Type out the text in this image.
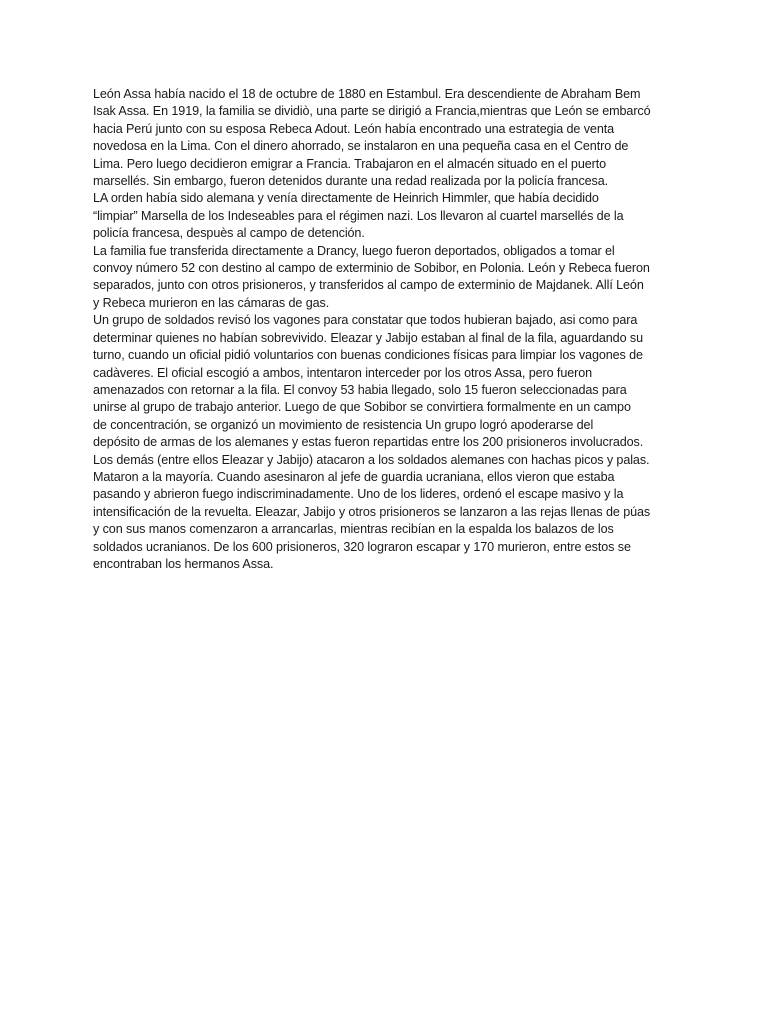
León Assa había nacido el 18 de octubre de 1880 en Estambul. Era descendiente de Abraham Bem
Isak Assa. En 1919, la familia se dividiò, una parte se dirigió a Francia,mientras que León se embarcó
hacia Perú junto con su esposa Rebeca Adout. León había encontrado una estrategia de venta
novedosa en la Lima. Con el dinero ahorrado, se instalaron en una pequeña casa en el Centro de
Lima. Pero luego decidieron emigrar a Francia. Trabajaron en el almacén situado en el puerto
marsellés. Sin embargo, fueron detenidos durante una redad realizada por la policía francesa.
LA orden había sido alemana y venía directamente de Heinrich Himmler, que había decidido
“limpiar” Marsella de los Indeseables para el régimen nazi. Los llevaron al cuartel marsellés de la
policía francesa, despuès al campo de detención.
La familia fue transferida directamente a Drancy, luego fueron deportados, obligados a tomar el
convoy número 52 con destino al campo de exterminio de Sobibor, en Polonia. León y Rebeca fueron
separados, junto con otros prisioneros, y transferidos al campo de exterminio de Majdanek. Allí León
y Rebeca murieron en las cámaras de gas.
Un grupo de soldados revisó los vagones para constatar que todos hubieran bajado, asi como para
determinar quienes no habían sobrevivido. Eleazar y Jabijo estaban al final de la fila, aguardando su
turno, cuando un oficial pidió voluntarios con buenas condiciones físicas para limpiar los vagones de
cadàveres. El oficial escogió a ambos, intentaron interceder por los otros Assa, pero fueron
amenazados con retornar a la fila. El convoy 53 habia llegado, solo 15 fueron seleccionadas para
unirse al grupo de trabajo anterior. Luego de que Sobibor se convirtiera formalmente en un campo
de concentración, se organizó un movimiento de resistencia Un grupo logró apoderarse del
depósito de armas de los alemanes y estas fueron repartidas entre los 200 prisioneros involucrados.
Los demás (entre ellos Eleazar y Jabijo) atacaron a los soldados alemanes con hachas picos y palas.
Mataron a la mayoría. Cuando asesinaron al jefe de guardia ucraniana, ellos vieron que estaba
pasando y abrieron fuego indiscriminadamente. Uno de los lideres, ordenó el escape masivo y la
intensificación de la revuelta. Eleazar, Jabijo y otros prisioneros se lanzaron a las rejas llenas de púas
y con sus manos comenzaron a arrancarlas, mientras recibían en la espalda los balazos de los
soldados ucranianos. De los 600 prisioneros, 320 lograron escapar y 170 murieron, entre estos se
encontraban los hermanos Assa.
